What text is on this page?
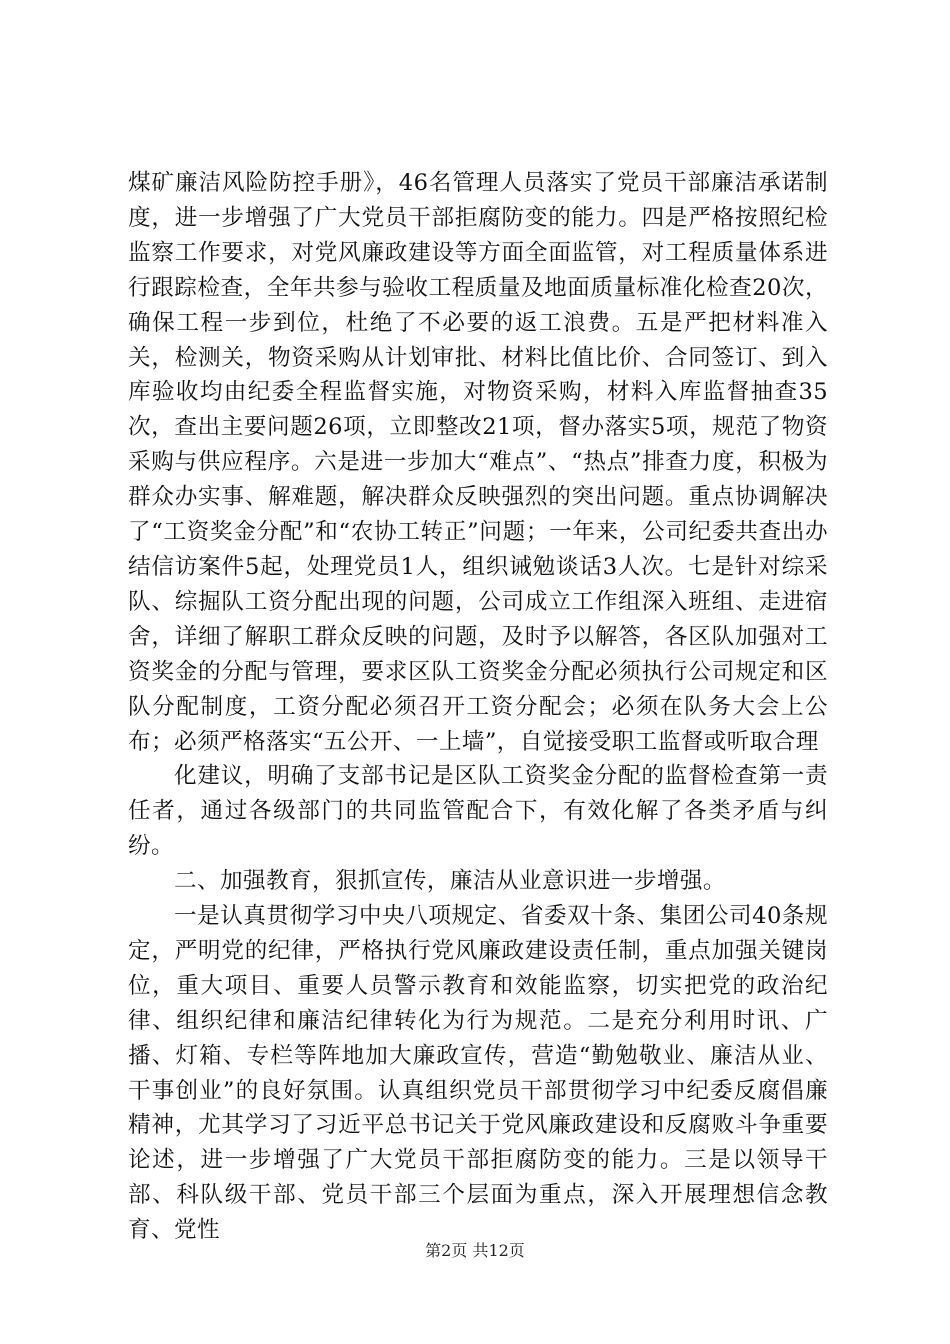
煤矿廉洁风险防控手册》，46名管理人员落实了党员干部廉洁承诺制度，进一步增强了广大党员干部拒腐防变的能力。四是严格按照纪检监察工作要求，对党风廉政建设等方面全面监管，对工程质量体系进行跟踪检查，全年共参与验收工程质量及地面质量标准化检查20次，确保工程一步到位，杜绝了不必要的返工浪费。五是严把材料准入关，检测关，物资采购从计划审批、材料比值比价、合同签订、到入库验收均由纪委全程监督实施，对物资采购，材料入库监督抽查35次，查出主要问题26项，立即整改21项，督办落实5项，规范了物资采购与供应程序。六是进一步加大“难点”、“热点”排查力度，积极为群众办实事、解难题，解决群众反映强烈的突出问题。重点协调解决了“工资奖金分配”和“农协工转正”问题；一年来，公司纪委共查出办结信访案件5起，处理党员1人，组织诫勉谈话3人次。七是针对综采队、综掘队工资分配出现的问题，公司成立工作组深入班组、走进宿舍，详细了解职工群众反映的问题，及时予以解答，各区队加强对工资奖金的分配与管理，要求区队工资奖金分配必须执行公司规定和区队分配制度，工资分配必须召开工资分配会；必须在队务大会上公布；必须严格落实“五公开、一上墙”，自觉接受职工监督或听取合理

化建议，明确了支部书记是区队工资奖金分配的监督检查第一责任者，通过各级部门的共同监管配合下，有效化解了各类矛盾与纠纷。

二、加强教育，狠抓宣传，廉洁从业意识进一步增强。

一是认真贯彻学习中央八项规定、省委双十条、集团公司40条规定，严明党的纪律，严格执行党风廉政建设责任制，重点加强关键岗位，重大项目、重要人员警示教育和效能监察，切实把党的政治纪律、组织纪律和廉洁纪律转化为行为规范。二是充分利用时讯、广播、灯箱、专栏等阵地加大廉政宣传，营造“勤勉敬业、廉洁从业、干事创业”的良好氛围。认真组织党员干部贯彻学习中纪委反腐倡廉精神，尤其学习了习近平总书记关于党风廉政建设和反腐败斗争重要论述，进一步增强了广大党员干部拒腐防变的能力。三是以领导干部、科队级干部、党员干部三个层面为重点，深入开展理想信念教育、党性

第2页 共12页
